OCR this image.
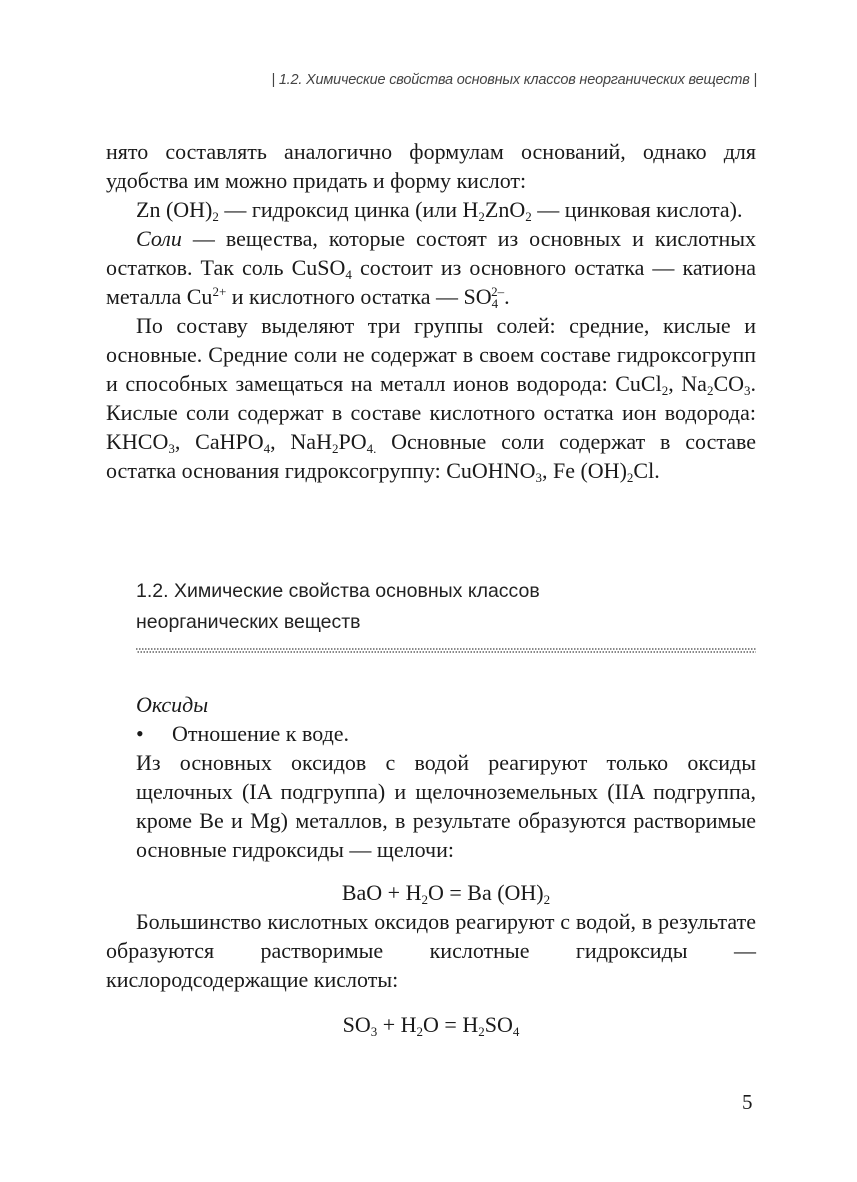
| 1.2. Химические свойства основных классов неорганических веществ |

нято составлять аналогично формулам оснований, однако для удобства им можно придать и форму кислот:

Zn $(OH)_2$ — гидроксид цинка (или $H_2ZnO_2$ — цинковая кислота).

Соли — вещества, которые состоят из основных и кислотных остатков. Так соль CuSO$_4$ состоит из основного остатка — катиона металла $Cu^{2+}$ и кислотного остатка — $SO_4^{2-}$.

По составу выделяют три группы солей: средние, кислые и основные. Средние соли не содержат в своем составе гидроксогрупп и способных замещаться на металл ионов водорода: CuCl$_2$, $Na_2CO_3$. Кислые соли содержат в составе кислотного остатка ион водорода: $KHCO_3$, CaHPO$_4$, $NaH_2PO_{4.}$ Основные соли содержат в составе остатка основания гидроксогруппу: CuOHNO$_3$, Fe $(OH)_2Cl$.

1.2. Химические свойства основных классов
неорганических веществ

Оксиды

•	Отношение к воде.

Из основных оксидов с водой реагируют только оксиды щелочных (IA подгруппа) и щелочноземельных (IIA подгруппа, кроме Be и Mg) металлов, в результате образуются растворимые основные гидроксиды — щелочи:

BaO + $H_2O = Ba$ $(OH)_2$

Большинство кислотных оксидов реагируют с водой, в результате образуются растворимые кислотные гидроксиды — кислородсодержащие кислоты:

$SO_3 + H_2O = H_2SO_4$

5
